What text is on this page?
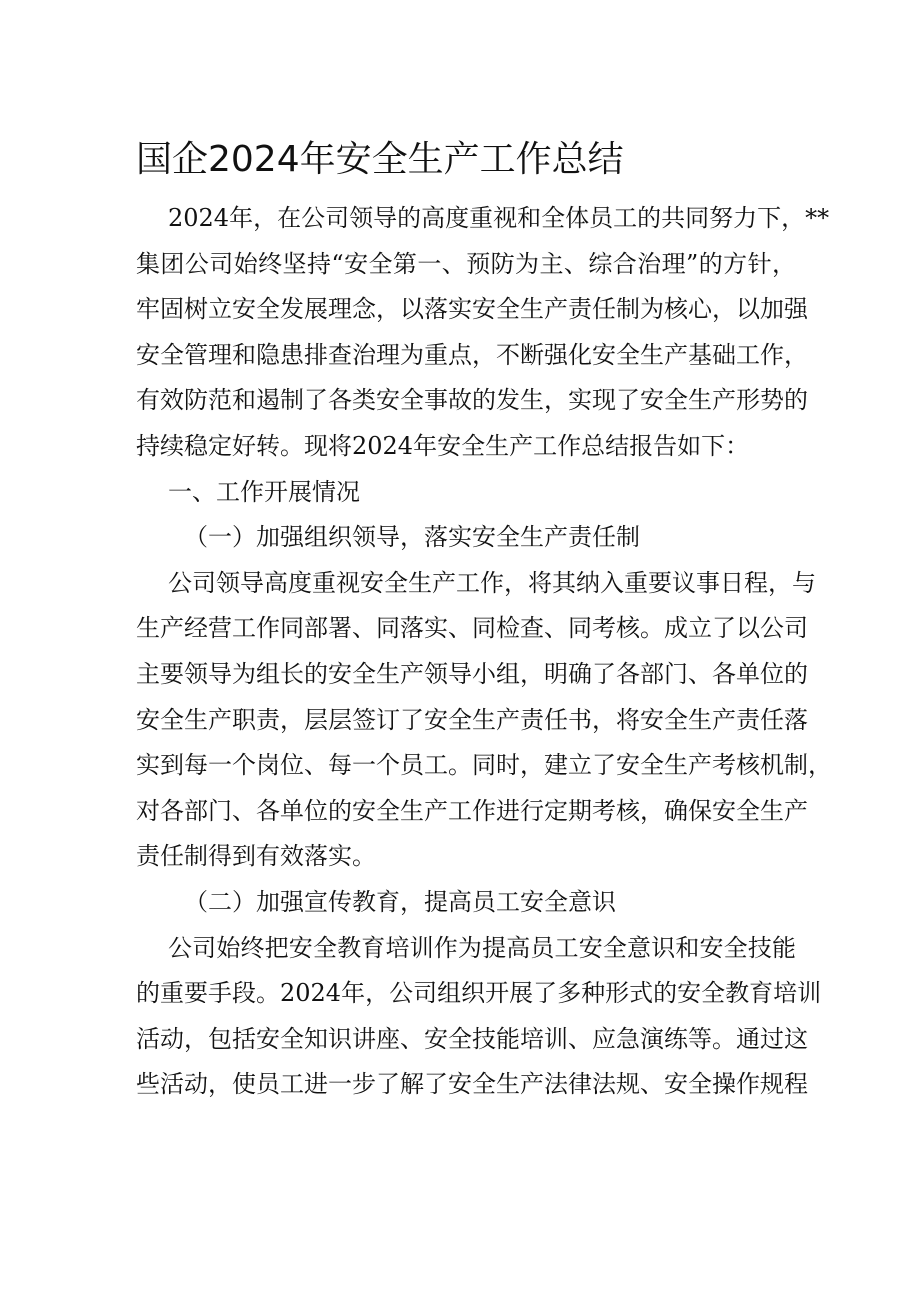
国企2024年安全生产工作总结
2024年，在公司领导的高度重视和全体员工的共同努力下，**
集团公司始终坚持“安全第一、预防为主、综合治理”的方针，
牢固树立安全发展理念，以落实安全生产责任制为核心，以加强
安全管理和隐患排查治理为重点，不断强化安全生产基础工作，
有效防范和遏制了各类安全事故的发生，实现了安全生产形势的
持续稳定好转。现将2024年安全生产工作总结报告如下：
一、工作开展情况
（一）加强组织领导，落实安全生产责任制
公司领导高度重视安全生产工作，将其纳入重要议事日程，与
生产经营工作同部署、同落实、同检查、同考核。成立了以公司
主要领导为组长的安全生产领导小组，明确了各部门、各单位的
安全生产职责，层层签订了安全生产责任书，将安全生产责任落
实到每一个岗位、每一个员工。同时，建立了安全生产考核机制，
对各部门、各单位的安全生产工作进行定期考核，确保安全生产
责任制得到有效落实。
（二）加强宣传教育，提高员工安全意识
公司始终把安全教育培训作为提高员工安全意识和安全技能
的重要手段。2024年，公司组织开展了多种形式的安全教育培训
活动，包括安全知识讲座、安全技能培训、应急演练等。通过这
些活动，使员工进一步了解了安全生产法律法规、安全操作规程
